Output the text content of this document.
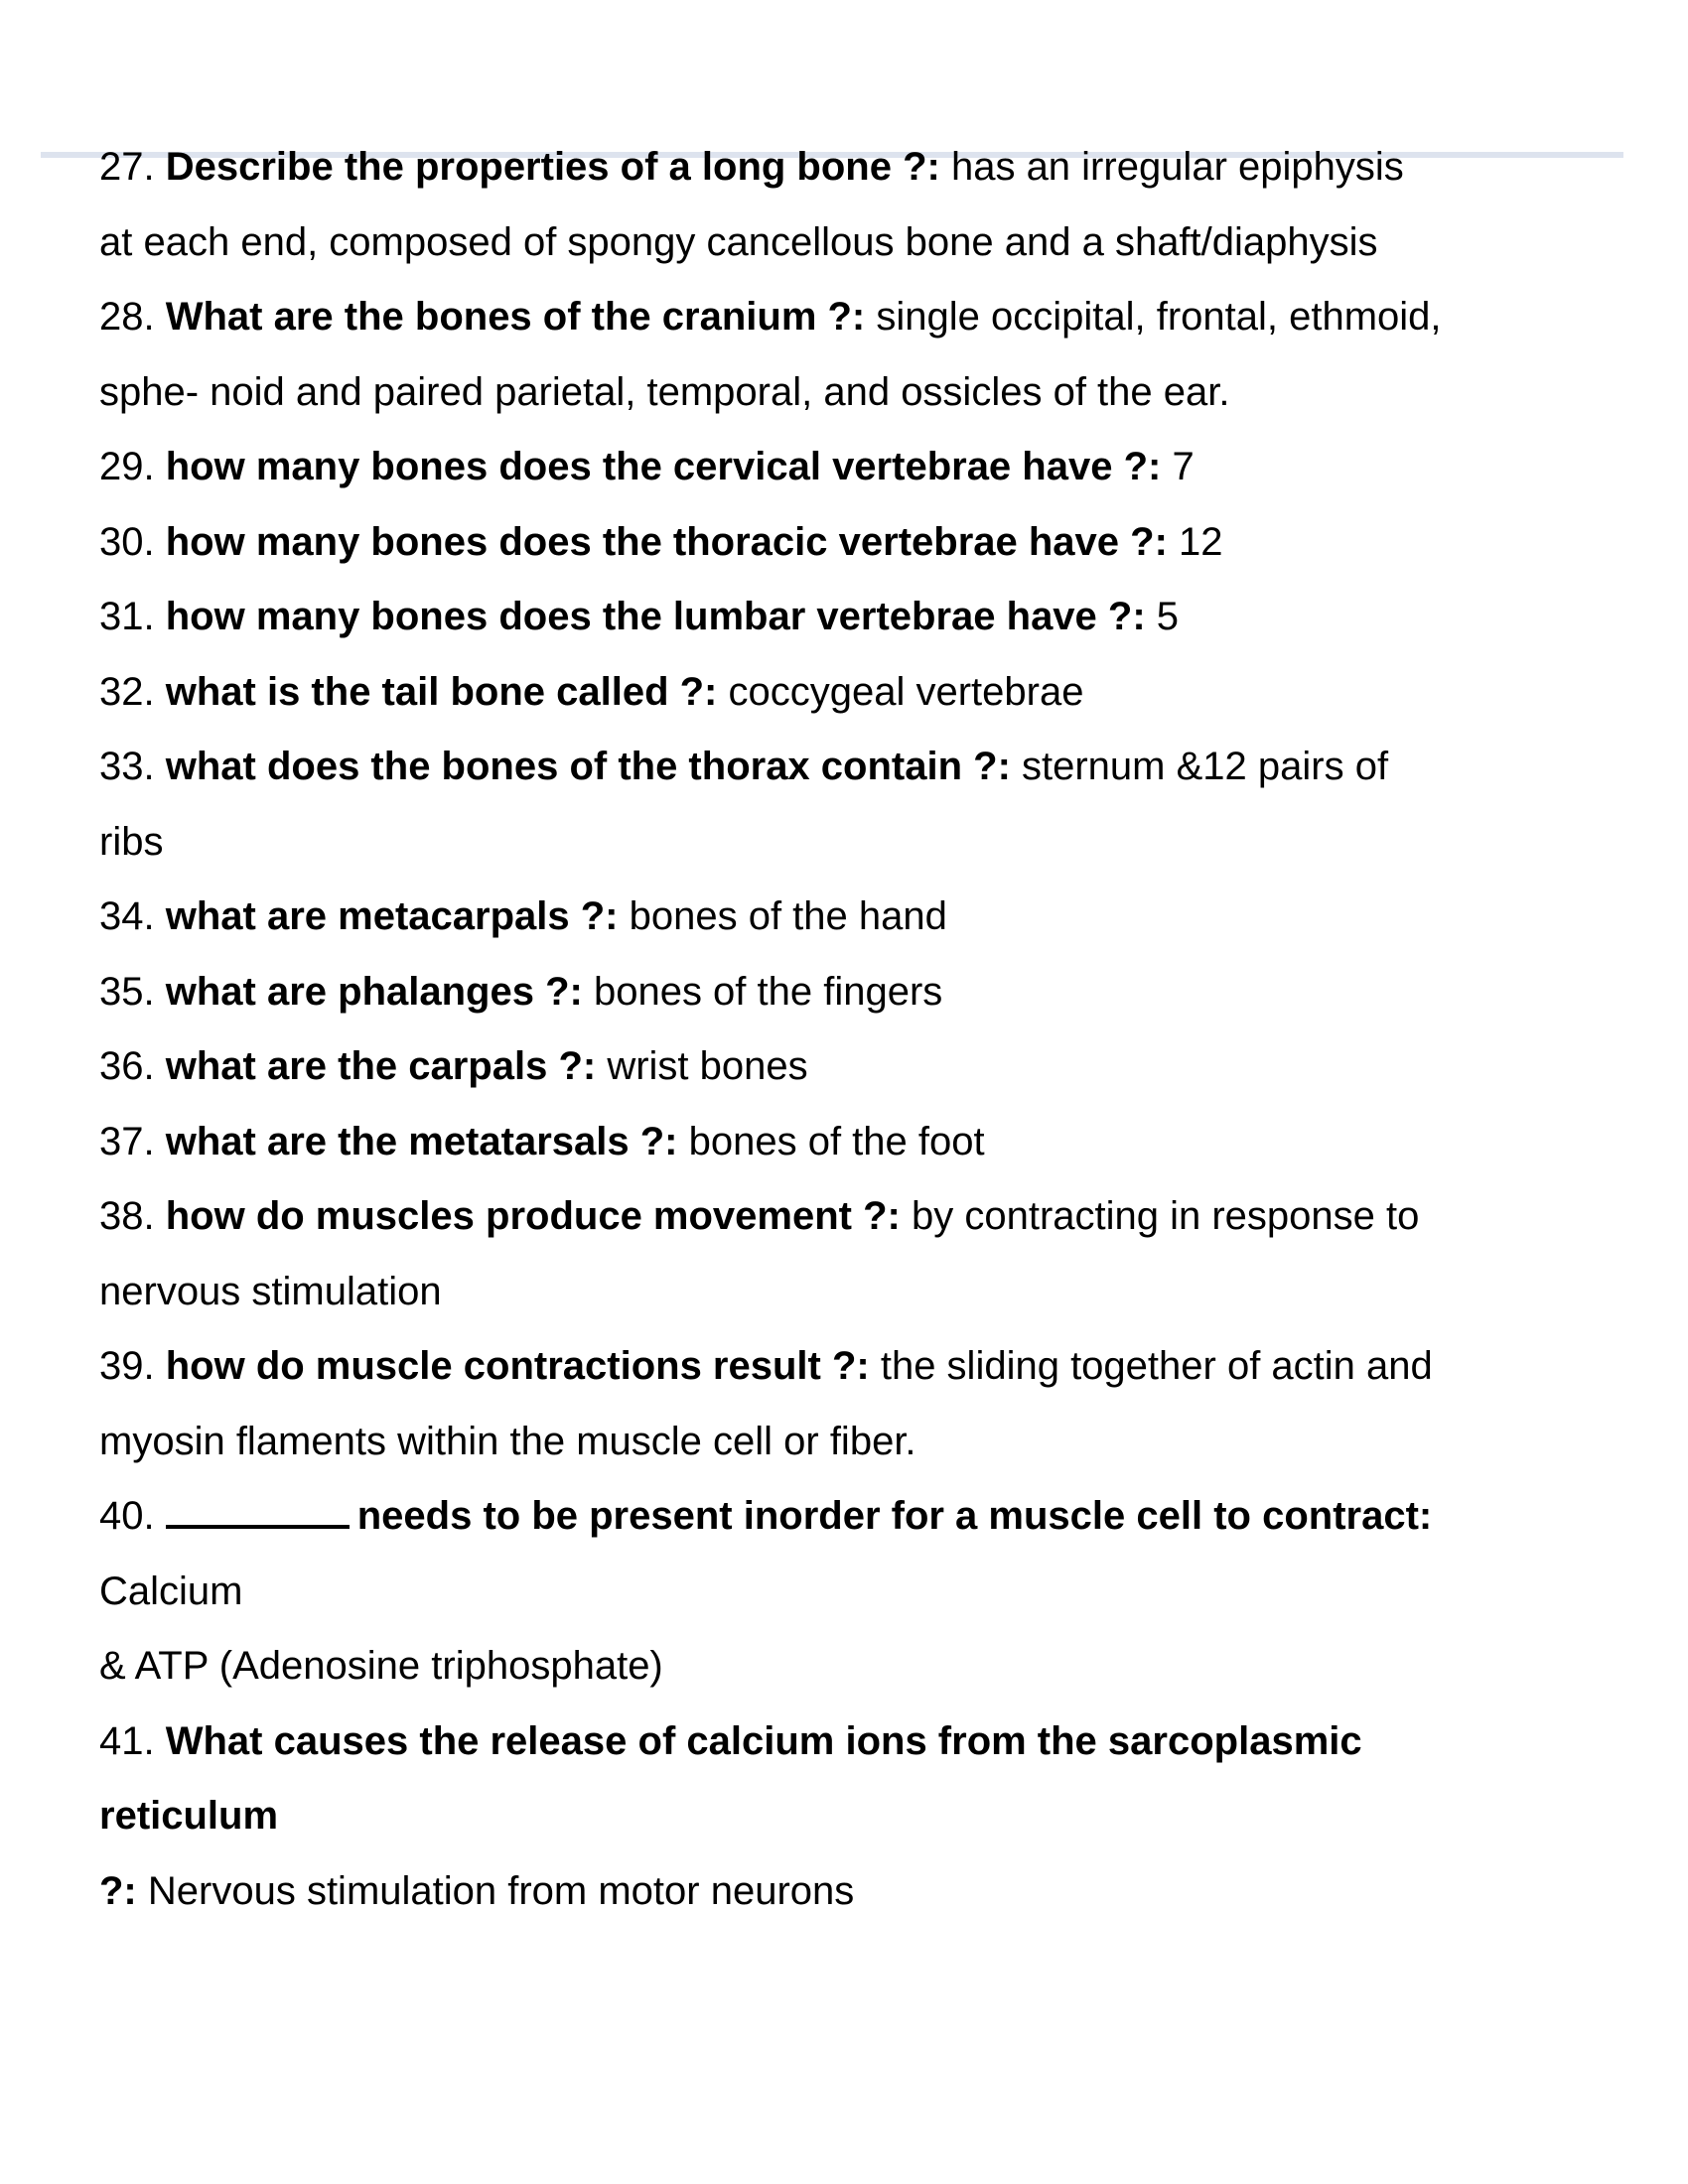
27. Describe the properties of a long bone ?: has an irregular epiphysis
at each end, composed of spongy cancellous bone and a shaft/diaphysis
28. What are the bones of the cranium ?: single occipital, frontal, ethmoid,
sphe- noid and paired parietal, temporal, and ossicles of the ear.
29. how many bones does the cervical vertebrae have ?: 7
30. how many bones does the thoracic vertebrae have ?: 12
31. how many bones does the lumbar vertebrae have ?: 5
32. what is the tail bone called ?: coccygeal vertebrae
33. what does the bones of the thorax contain ?: sternum &12 pairs of
ribs
34. what are metacarpals ?: bones of the hand
35. what are phalanges ?: bones of the fingers
36. what are the carpals ?: wrist bones
37. what are the metatarsals ?: bones of the foot
38. how do muscles produce movement ?: by contracting in response to
nervous stimulation
39. how do muscle contractions result ?: the sliding together of actin and
myosin flaments within the muscle cell or fiber.
40.	needs to be present inorder for a muscle cell to contract:
Calcium
& ATP (Adenosine triphosphate)
41. What causes the release of calcium ions from the sarcoplasmic
reticulum
?: Nervous stimulation from motor neurons
